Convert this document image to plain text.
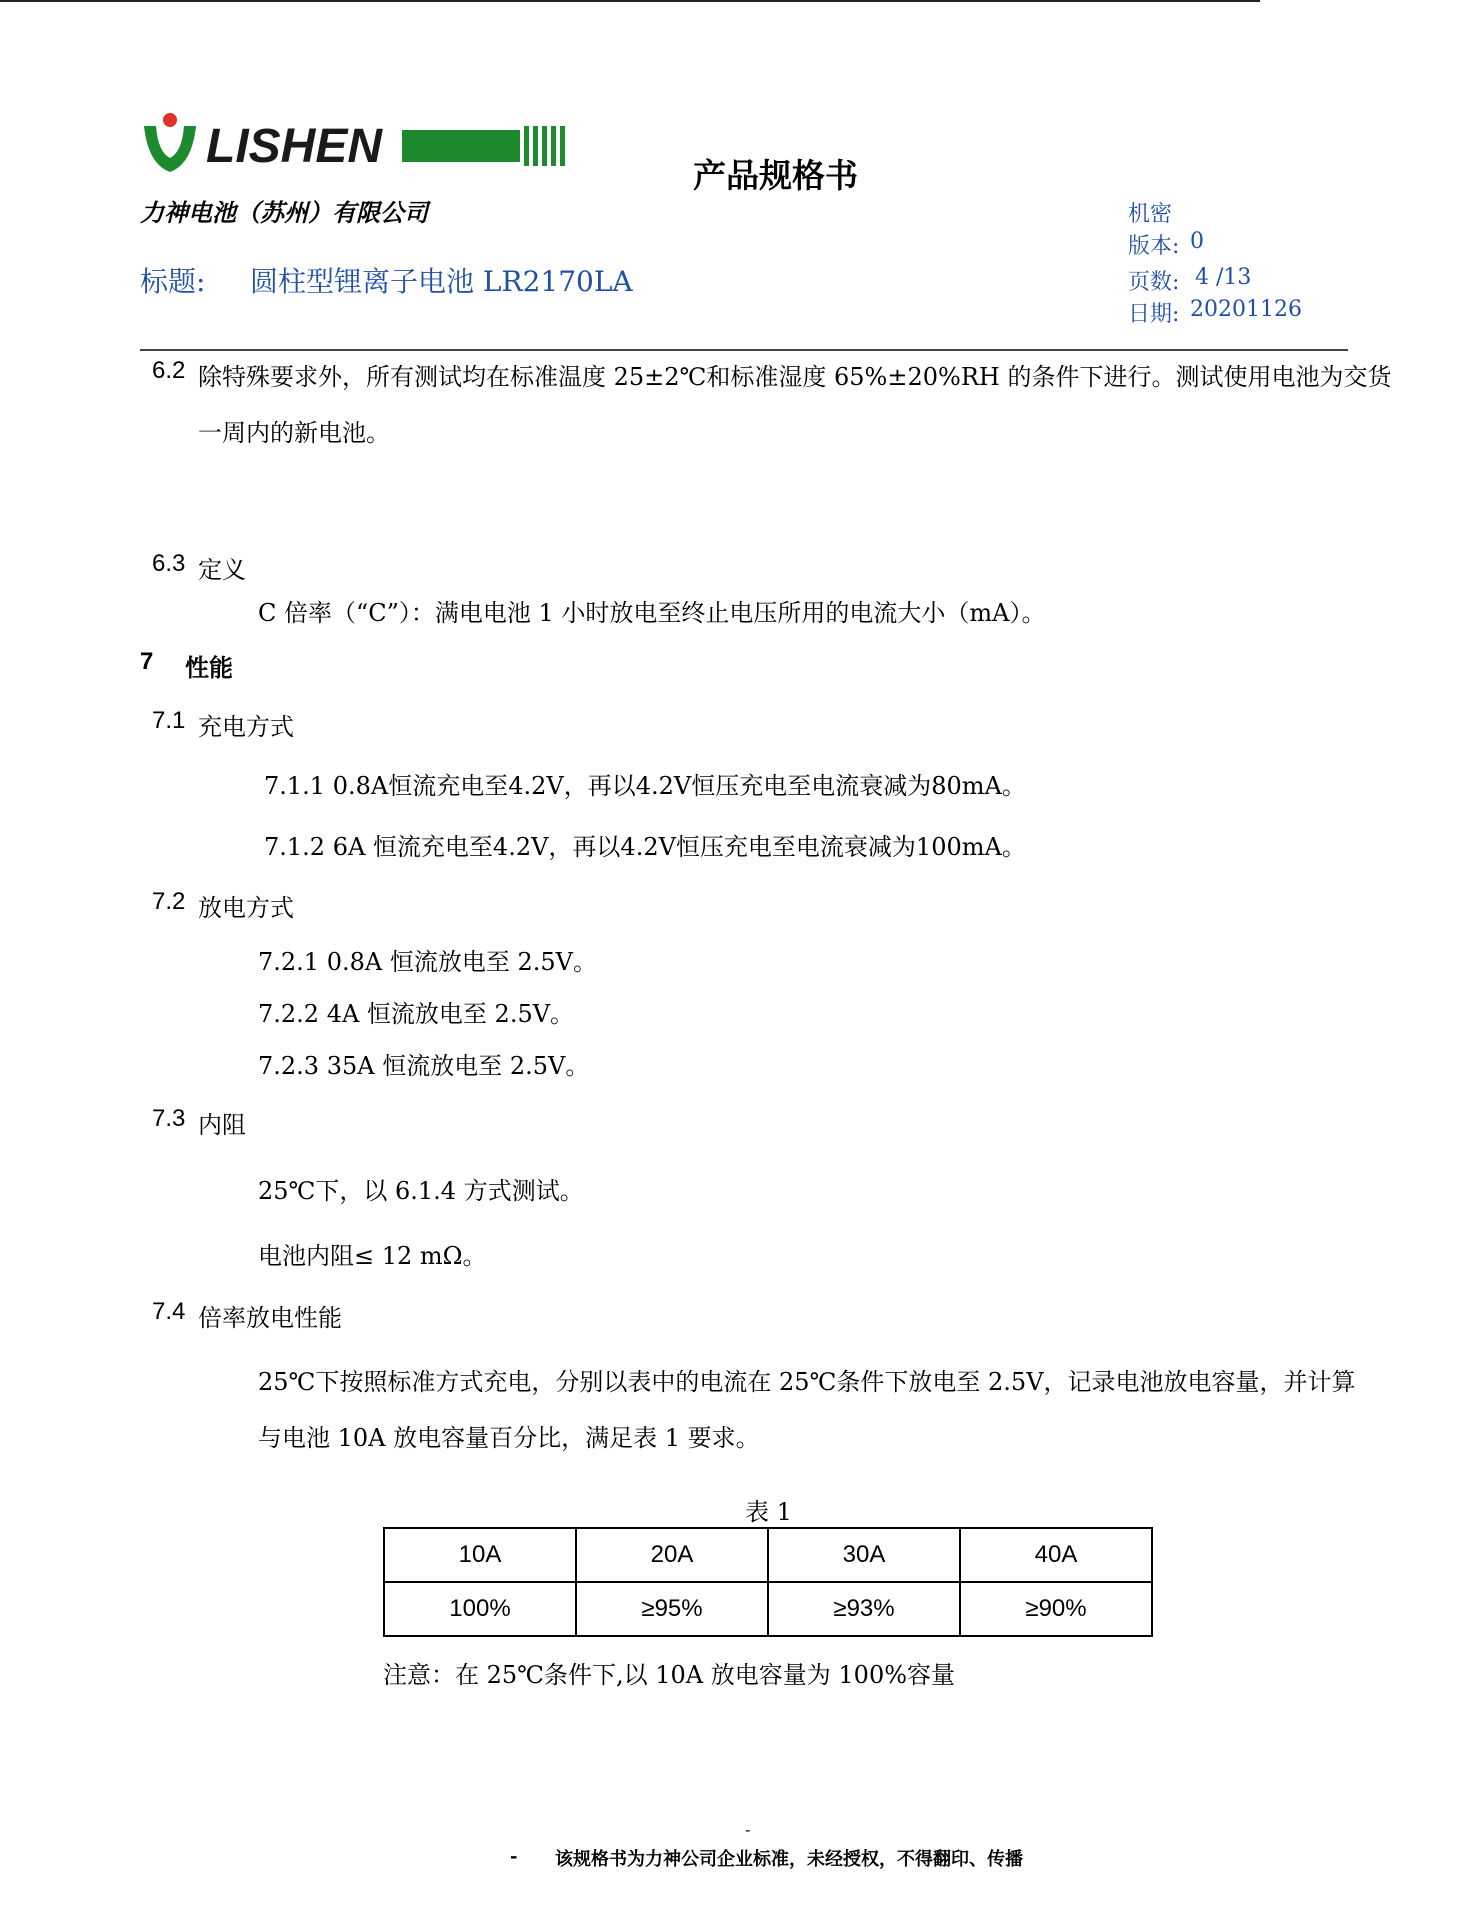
LISHEN
力神电池（苏州）有限公司
产品规格书
标题: 圆柱型锂离子电池 LR2170LA
机密
版本: 0
页数: 4 /13
日期: 20201126
6.2 除特殊要求外，所有测试均在标准温度 25±2℃和标准湿度 65%±20%RH 的条件下进行。测试使用电池为交货
一周内的新电池。
6.3 定义
C 倍率（“C”）：满电电池 1 小时放电至终止电压所用的电流大小（mA）。
7 性能
7.1 充电方式
7.1.1 0.8A恒流充电至4.2V，再以4.2V恒压充电至电流衰减为80mA。
7.1.2 6A 恒流充电至4.2V，再以4.2V恒压充电至电流衰减为100mA。
7.2 放电方式
7.2.1 0.8A 恒流放电至 2.5V。
7.2.2 4A 恒流放电至 2.5V。
7.2.3 35A 恒流放电至 2.5V。
7.3 内阻
25℃下，以 6.1.4 方式测试。
电池内阻≤ 12 mΩ。
7.4 倍率放电性能
25℃下按照标准方式充电，分别以表中的电流在 25℃条件下放电至 2.5V，记录电池放电容量，并计算
与电池 10A 放电容量百分比，满足表 1 要求。
表 1
10A	20A	30A	40A
100%	≥95%	≥93%	≥90%
注意：在 25℃条件下,以 10A 放电容量为 100%容量
-
- 该规格书为力神公司企业标准，未经授权，不得翻印、传播
